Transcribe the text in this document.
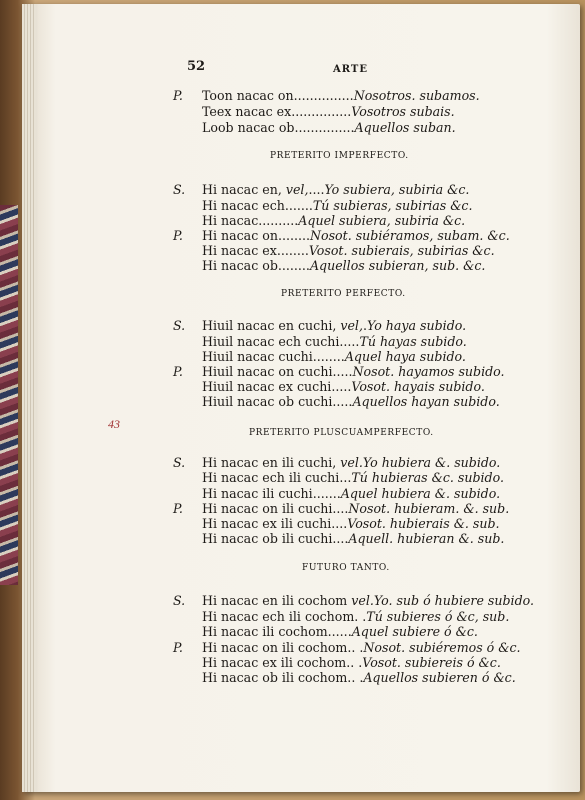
52	ARTE
43
PRETERITO IMPERFECTO.
PRETERITO PERFECTO.
PRETERITO PLUSCUAMPERFECTO.
FUTURO TANTO.
P. Toon nacac on...............Nosotros. subamos.
Teex nacac ex...............Vosotros subais.
Loob nacac ob...............Aquellos suban.
S. Hi nacac en, vel,....Yo subiera, subiria &c.
Hi nacac ech.......Tú subieras, subirias &c.
Hi nacac..........Aquel subiera, subiria &c.
P. Hi nacac on........Nosot. subiéramos, subam. &c.
Hi nacac ex........Vosot. subierais, subirias &c.
Hi nacac ob........Aquellos subieran, sub. &c.
S. Hiuil nacac en cuchi, vel,.Yo haya subido.
Hiuil nacac ech cuchi.....Tú hayas subido.
Hiuil nacac cuchi........Aquel haya subido.
P. Hiuil nacac on cuchi.....Nosot. hayamos subido.
Hiuil nacac ex cuchi.....Vosot. hayais subido.
Hiuil nacac ob cuchi.....Aquellos hayan subido.
S. Hi nacac en ili cuchi, vel.Yo hubiera &. subido.
Hi nacac ech ili cuchi...Tú hubieras &c. subido.
Hi nacac ili cuchi.......Aquel hubiera &. subido.
P. Hi nacac on ili cuchi....Nosot. hubieram. &. sub.
Hi nacac ex ili cuchi....Vosot. hubierais &. sub.
Hi nacac ob ili cuchi....Aquell. hubieran &. sub.
S. Hi nacac en ili cochom vel.Yo. sub ó hubiere subido.
Hi nacac ech ili cochom. .Tú subieres ó &c, sub.
Hi nacac ili cochom......Aquel subiere ó &c.
P. Hi nacac on ili cochom.. .Nosot. subiéremos ó &c.
Hi nacac ex ili cochom.. .Vosot. subiereis ó &c.
Hi nacac ob ili cochom.. .Aquellos subieren ó &c.
